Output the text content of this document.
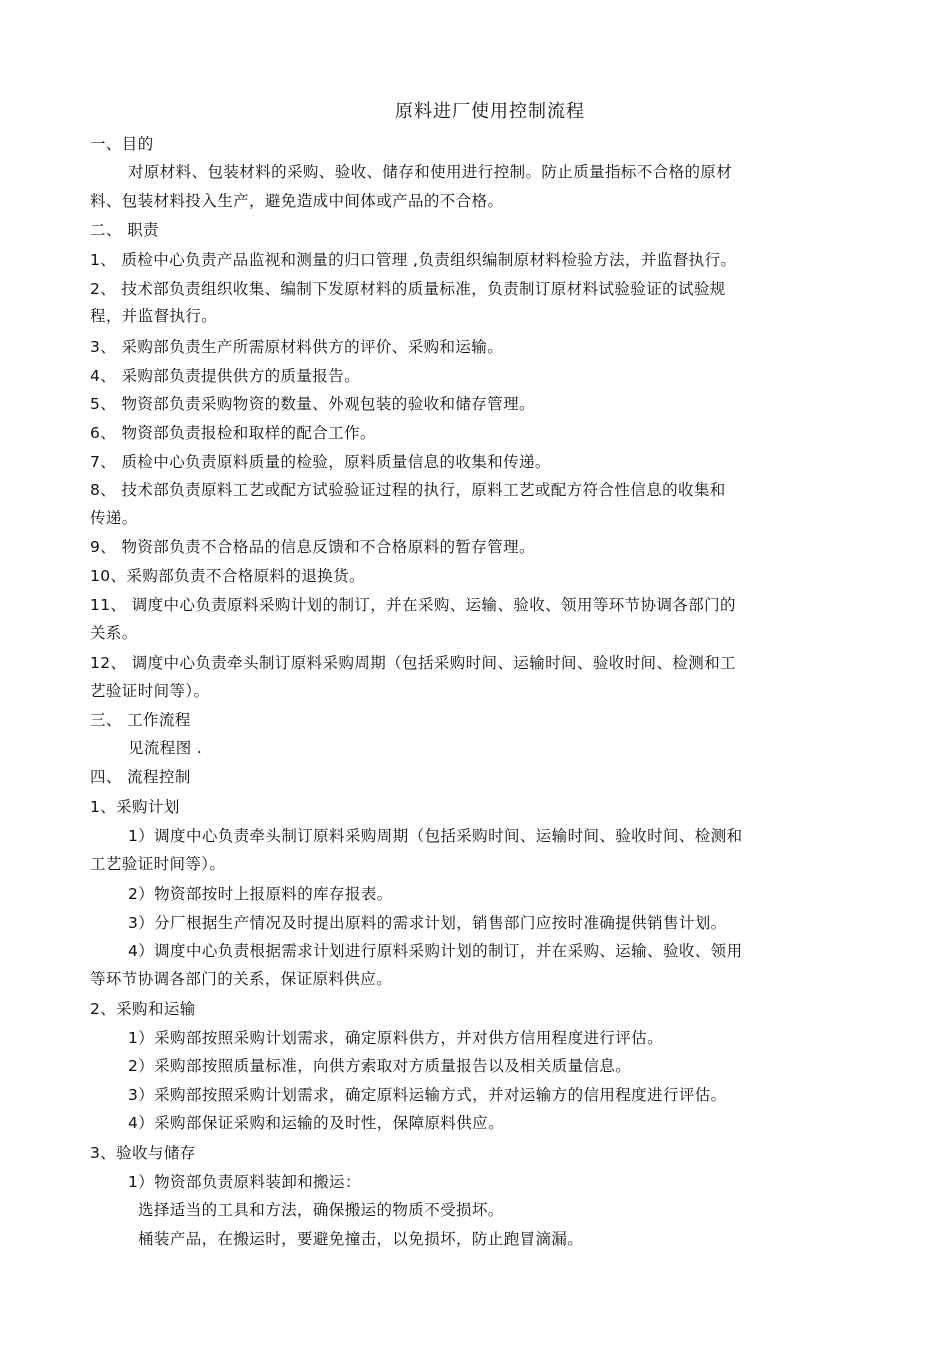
原料进厂使用控制流程
一、目的
对原材料、包装材料的采购、验收、储存和使用进行控制。防止质量指标不合格的原材
料、包装材料投入生产，避免造成中间体或产品的不合格。
二、 职责
1、 质检中心负责产品监视和测量的归口管理 ,负责组织编制原材料检验方法，并监督执行。
2、 技术部负责组织收集、编制下发原材料的质量标准，负责制订原材料试验验证的试验规
程，并监督执行。
3、 采购部负责生产所需原材料供方的评价、采购和运输。
4、 采购部负责提供供方的质量报告。
5、 物资部负责采购物资的数量、外观包装的验收和储存管理。
6、 物资部负责报检和取样的配合工作。
7、 质检中心负责原料质量的检验，原料质量信息的收集和传递。
8、 技术部负责原料工艺或配方试验验证过程的执行，原料工艺或配方符合性信息的收集和
传递。
9、 物资部负责不合格品的信息反馈和不合格原料的暂存管理。
10、采购部负责不合格原料的退换货。
11、 调度中心负责原料采购计划的制订，并在采购、运输、验收、领用等环节协调各部门的
关系。
12、 调度中心负责牵头制订原料采购周期（包括采购时间、运输时间、验收时间、检测和工
艺验证时间等）。
三、 工作流程
见流程图 .
四、 流程控制
1、采购计划
1）调度中心负责牵头制订原料采购周期（包括采购时间、运输时间、验收时间、检测和
工艺验证时间等）。
2）物资部按时上报原料的库存报表。
3）分厂根据生产情况及时提出原料的需求计划，销售部门应按时准确提供销售计划。
4）调度中心负责根据需求计划进行原料采购计划的制订，并在采购、运输、验收、领用
等环节协调各部门的关系，保证原料供应。
2、采购和运输
1）采购部按照采购计划需求，确定原料供方，并对供方信用程度进行评估。
2）采购部按照质量标准，向供方索取对方质量报告以及相关质量信息。
3）采购部按照采购计划需求，确定原料运输方式，并对运输方的信用程度进行评估。
4）采购部保证采购和运输的及时性，保障原料供应。
3、验收与储存
1）物资部负责原料装卸和搬运：
选择适当的工具和方法，确保搬运的物质不受损坏。
桶装产品，在搬运时，要避免撞击，以免损坏，防止跑冒滴漏。
